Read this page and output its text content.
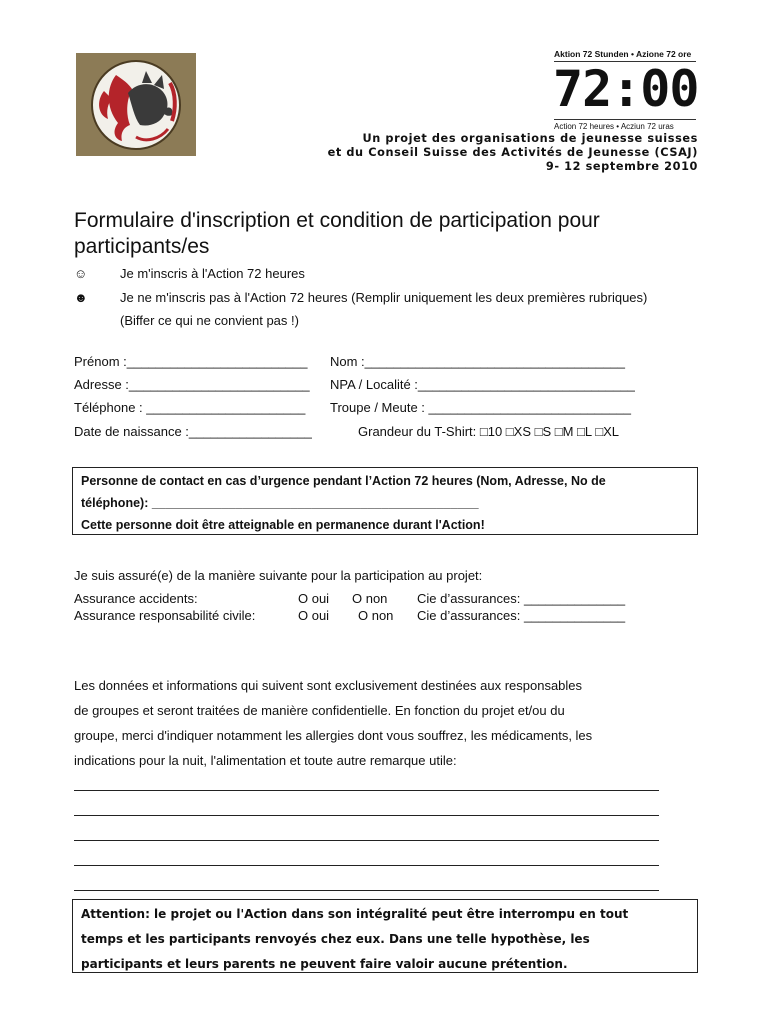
Aktion 72 Stunden • Azione 72 ore
72:00
Action 72 heures • Acziun 72 uras
Un projet des organisations de jeunesse suisses
et du Conseil Suisse des Activités de Jeunesse (CSAJ)
9- 12 septembre 2010
Formulaire d'inscription et condition de participation pour participants/es
☺	Je m'inscris à l'Action 72 heures
☻ Je ne m'inscris pas à l'Action 72 heures (Remplir uniquement les deux premières rubriques)
(Biffer ce qui ne convient pas !)
Prénom :_________________________ Nom :____________________________________
Adresse :_________________________ NPA / Localité :______________________________
Téléphone : ______________________ Troupe / Meute : ____________________________
Date de naissance :_________________	Grandeur du T-Shirt: □10 □XS □S □M □L □XL
Personne de contact en cas d’urgence pendant l’Action 72 heures (Nom, Adresse, No de
téléphone): _______________________________________________
Cette personne doit être atteignable en permanence durant l'Action!
Je suis assuré(e) de la manière suivante pour la participation au projet:
Assurance accidents:	O oui O non Cie d’assurances: ______________
Assurance responsabilité civile:	O oui O non Cie d’assurances: ______________
Les données et informations qui suivent sont exclusivement destinées aux responsables
de groupes et seront traitées de manière confidentielle. En fonction du projet et/ou du
groupe, merci d'indiquer notamment les allergies dont vous souffrez, les médicaments, les
indications pour la nuit, l'alimentation et toute autre remarque utile:
Attention: le projet ou l'Action dans son intégralité peut être interrompu en tout
temps et les participants renvoyés chez eux. Dans une telle hypothèse, les
participants et leurs parents ne peuvent faire valoir aucune prétention.
